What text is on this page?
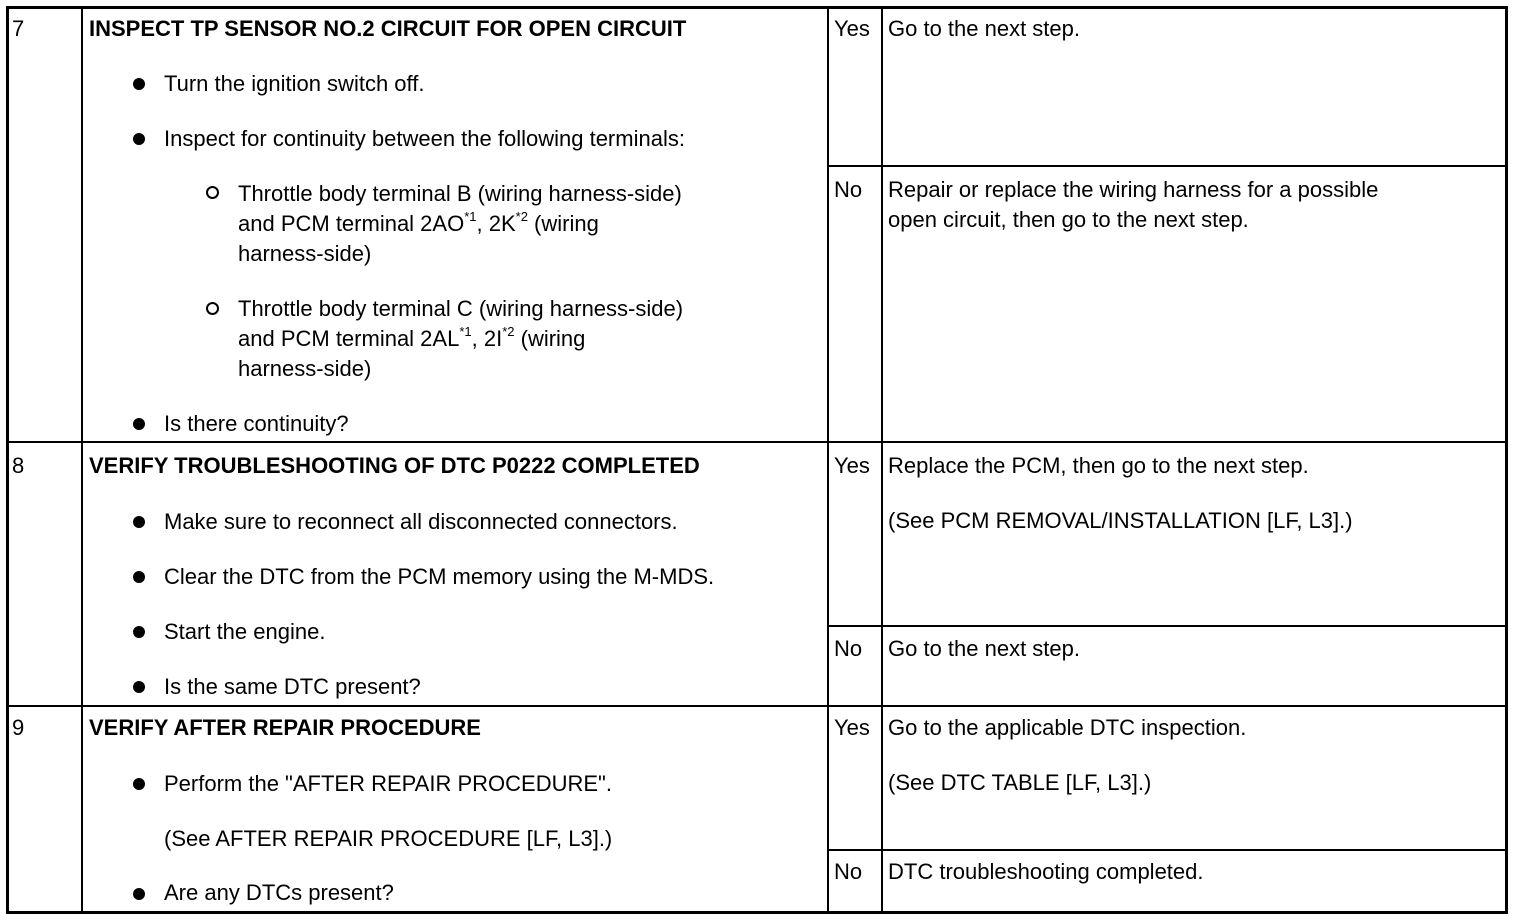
7	INSPECT TP SENSOR NO.2 CIRCUIT FOR OPEN CIRCUIT
Turn the ignition switch off.
Inspect for continuity between the following terminals:
Throttle body terminal B (wiring harness-side)
and PCM terminal 2AO$^{*1}$, $2K^{*2}$ (wiring
harness-side)
Throttle body terminal C (wiring harness-side)
and PCM terminal 2AL$^{*1}$, $2I^{*2}$ (wiring
harness-side)
Is there continuity?
Yes Go to the next step.
No Repair or replace the wiring harness for a possible
open circuit, then go to the next step.
8	VERIFY TROUBLESHOOTING OF DTC P0222 COMPLETED
Make sure to reconnect all disconnected connectors.
Clear the DTC from the PCM memory using the M-MDS.
Start the engine.
Is the same DTC present?
Yes Replace the PCM, then go to the next step.
(See PCM REMOVAL/INSTALLATION [LF, L3].)
No Go to the next step.
9	VERIFY AFTER REPAIR PROCEDURE
Perform the "AFTER REPAIR PROCEDURE".
(See AFTER REPAIR PROCEDURE [LF, L3].)
Are any DTCs present?
Yes Go to the applicable DTC inspection.
(See DTC TABLE [LF, L3].)
No DTC troubleshooting completed.
